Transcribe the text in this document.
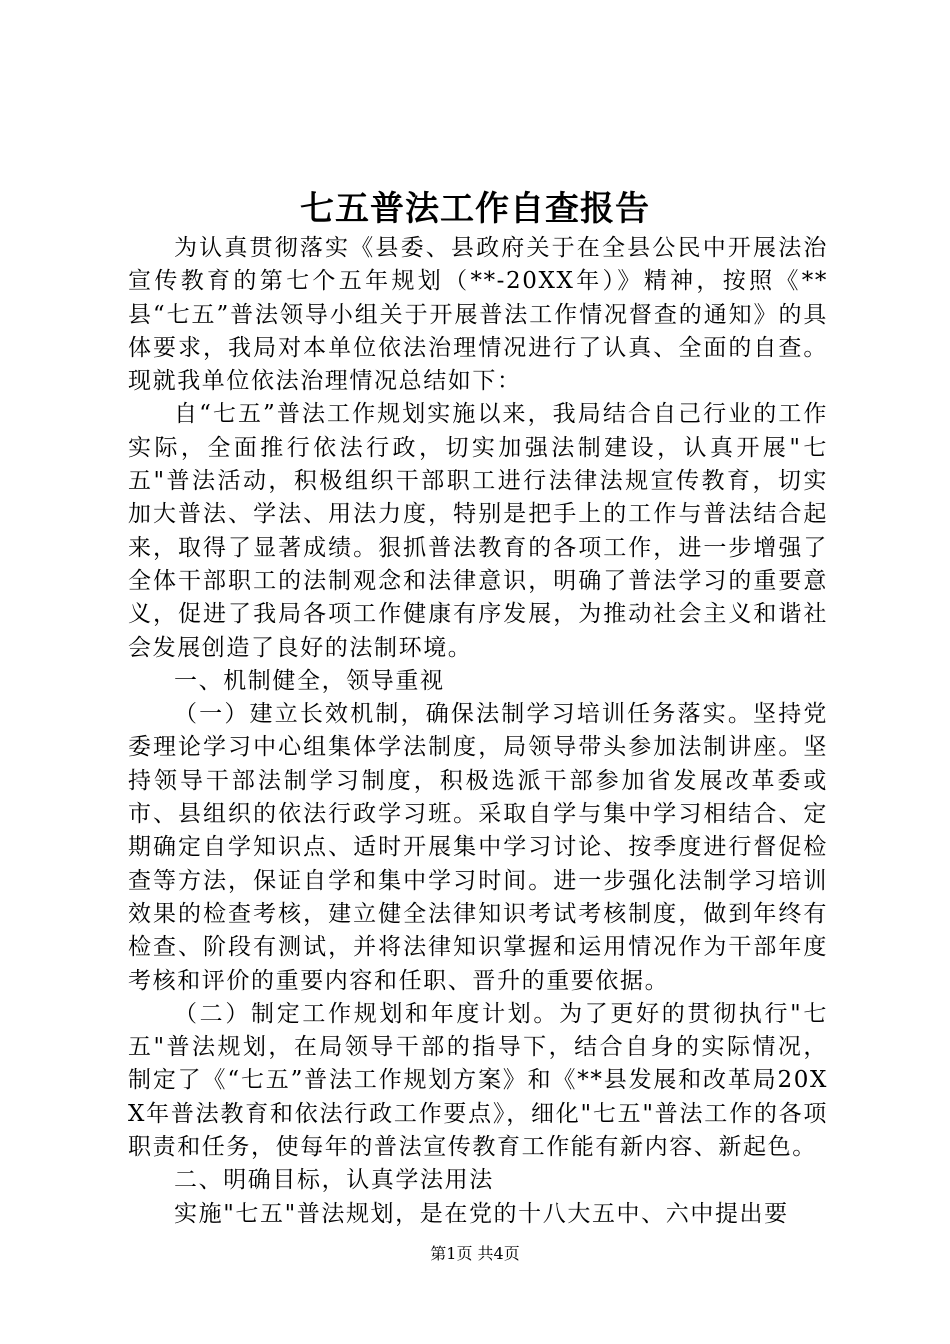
七五普法工作自查报告

为认真贯彻落实《县委、县政府关于在全县公民中开展法治宣传教育的第七个五年规划（**-20XX年）》精神，按照《**县“七五”普法领导小组关于开展普法工作情况督查的通知》的具体要求，我局对本单位依法治理情况进行了认真、全面的自查。现就我单位依法治理情况总结如下：

自“七五”普法工作规划实施以来，我局结合自己行业的工作实际，全面推行依法行政，切实加强法制建设，认真开展"七五"普法活动，积极组织干部职工进行法律法规宣传教育，切实加大普法、学法、用法力度，特别是把手上的工作与普法结合起来，取得了显著成绩。狠抓普法教育的各项工作，进一步增强了全体干部职工的法制观念和法律意识，明确了普法学习的重要意义，促进了我局各项工作健康有序发展，为推动社会主义和谐社会发展创造了良好的法制环境。

一、机制健全，领导重视

（一）建立长效机制，确保法制学习培训任务落实。坚持党委理论学习中心组集体学法制度，局领导带头参加法制讲座。坚持领导干部法制学习制度，积极选派干部参加省发展改革委或市、县组织的依法行政学习班。采取自学与集中学习相结合、定期确定自学知识点、适时开展集中学习讨论、按季度进行督促检查等方法，保证自学和集中学习时间。进一步强化法制学习培训效果的检查考核，建立健全法律知识考试考核制度，做到年终有检查、阶段有测试，并将法律知识掌握和运用情况作为干部年度考核和评价的重要内容和任职、晋升的重要依据。

（二）制定工作规划和年度计划。为了更好的贯彻执行"七五"普法规划，在局领导干部的指导下，结合自身的实际情况，制定了《“七五”普法工作规划方案》和《**县发展和改革局20XX年普法教育和依法行政工作要点》，细化"七五"普法工作的各项职责和任务，使每年的普法宣传教育工作能有新内容、新起色。

二、明确目标，认真学法用法

实施"七五"普法规划，是在党的十八大五中、六中提出要

第1页 共4页
